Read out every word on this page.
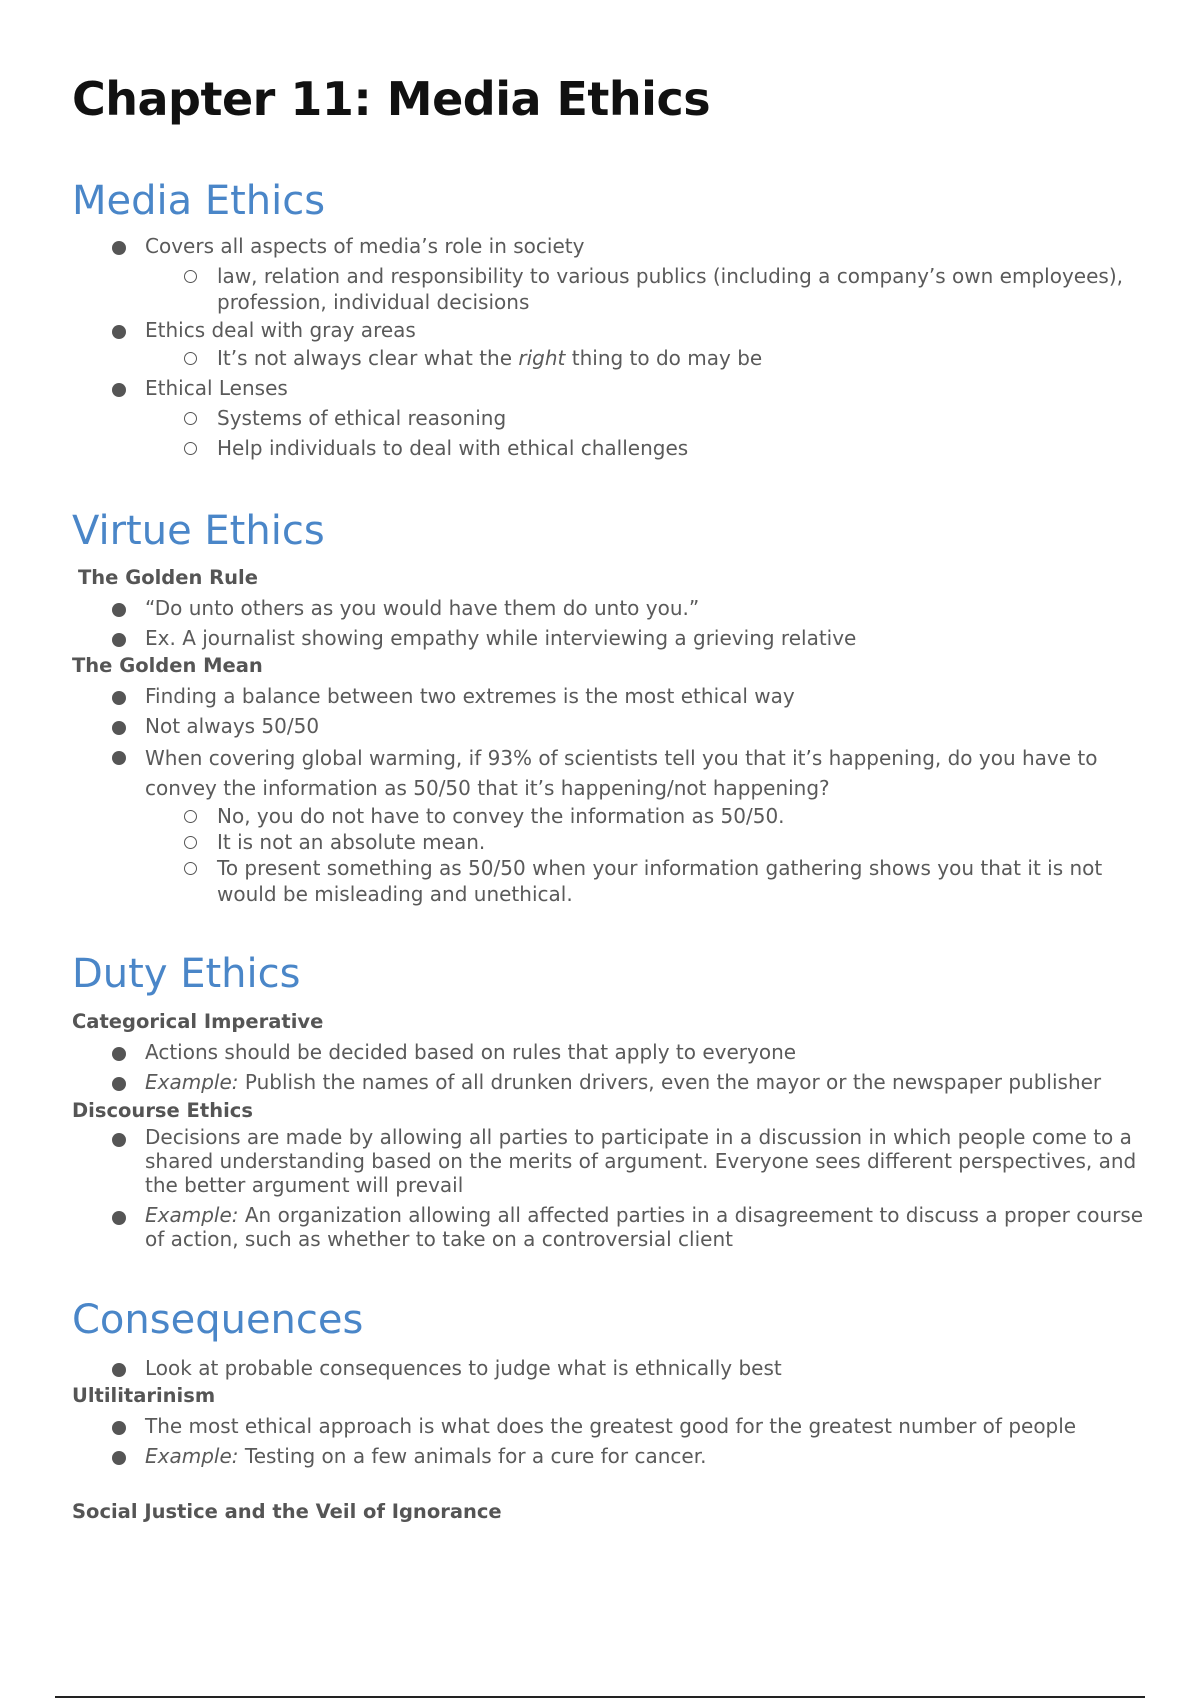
Chapter 11: Media Ethics
Media Ethics
Covers all aspects of media’s role in society
law, relation and responsibility to various publics (including a company’s own employees), profession, individual decisions
Ethics deal with gray areas
It’s not always clear what the right thing to do may be
Ethical Lenses
Systems of ethical reasoning
Help individuals to deal with ethical challenges
Virtue Ethics
The Golden Rule
“Do unto others as you would have them do unto you.”
Ex. A journalist showing empathy while interviewing a grieving relative
The Golden Mean
Finding a balance between two extremes is the most ethical way
Not always 50/50
When covering global warming, if 93% of scientists tell you that it’s happening, do you have to convey the information as 50/50 that it’s happening/not happening?
No, you do not have to convey the information as 50/50.
It is not an absolute mean.
To present something as 50/50 when your information gathering shows you that it is not would be misleading and unethical.
Duty Ethics
Categorical Imperative
Actions should be decided based on rules that apply to everyone
Example: Publish the names of all drunken drivers, even the mayor or the newspaper publisher
Discourse Ethics
Decisions are made by allowing all parties to participate in a discussion in which people come to a shared understanding based on the merits of argument. Everyone sees different perspectives, and the better argument will prevail
Example: An organization allowing all affected parties in a disagreement to discuss a proper course of action, such as whether to take on a controversial client
Consequences
Look at probable consequences to judge what is ethnically best
Ultilitarinism
The most ethical approach is what does the greatest good for the greatest number of people
Example: Testing on a few animals for a cure for cancer.
Social Justice and the Veil of Ignorance
